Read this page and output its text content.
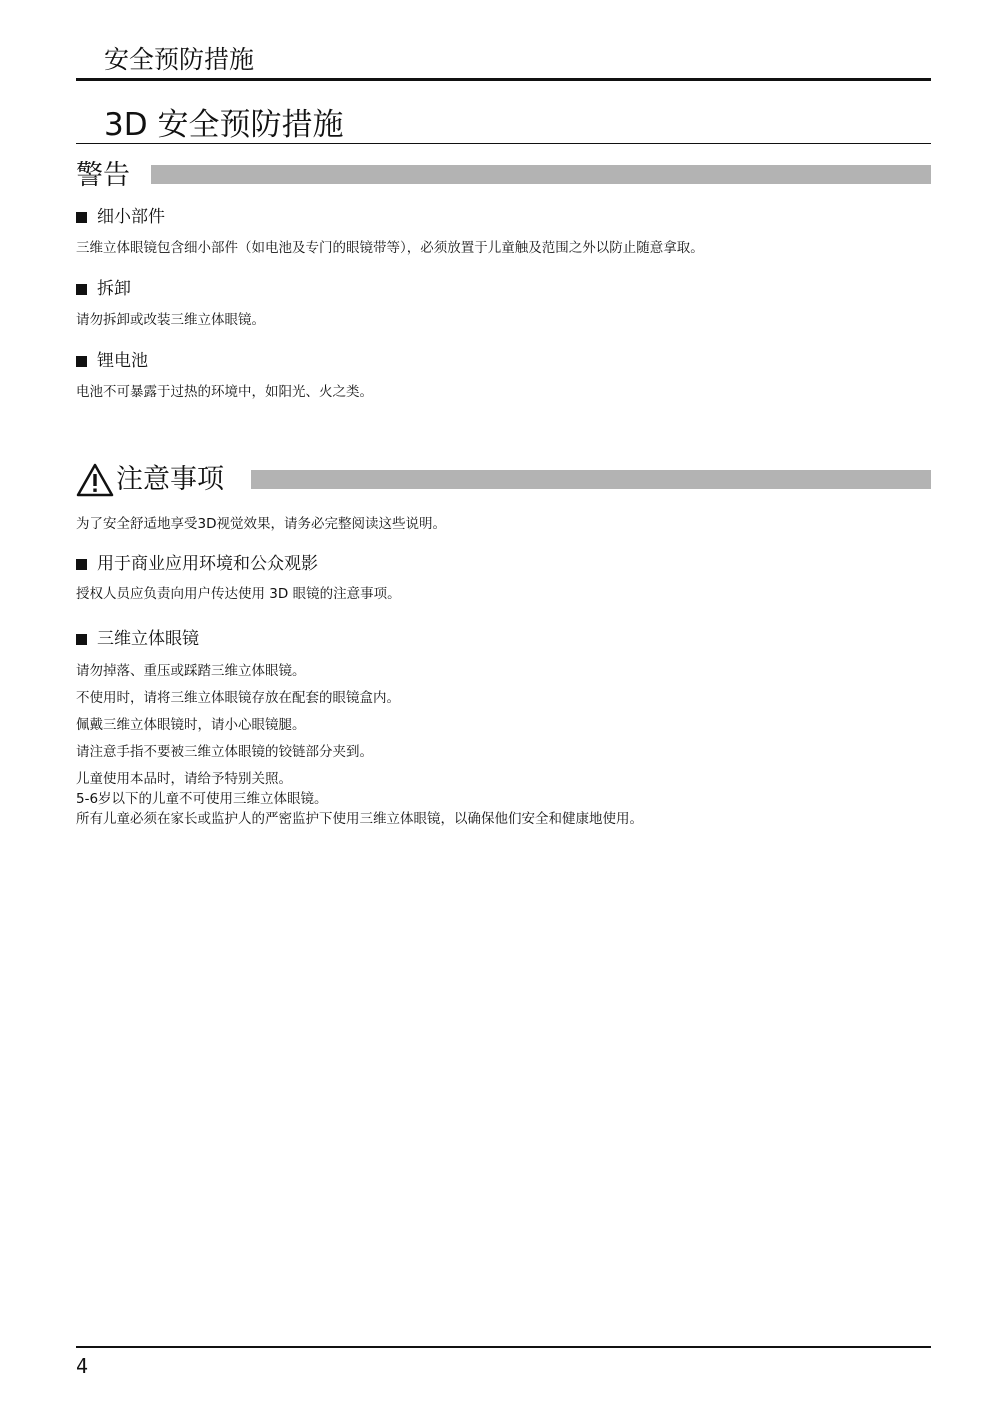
安全预防措施
3D 安全预防措施
警告
细小部件
三维立体眼镜包含细小部件（如电池及专门的眼镜带等），必须放置于儿童触及范围之外以防止随意拿取。
拆卸
请勿拆卸或改装三维立体眼镜。
锂电池
电池不可暴露于过热的环境中，如阳光、火之类。
注意事项
为了安全舒适地享受3D视觉效果，请务必完整阅读这些说明。
用于商业应用环境和公众观影
授权人员应负责向用户传达使用 3D 眼镜的注意事项。
三维立体眼镜
请勿掉落、重压或踩踏三维立体眼镜。
不使用时，请将三维立体眼镜存放在配套的眼镜盒内。
佩戴三维立体眼镜时，请小心眼镜腿。
请注意手指不要被三维立体眼镜的铰链部分夹到。
儿童使用本品时，请给予特别关照。
5-6岁以下的儿童不可使用三维立体眼镜。
所有儿童必须在家长或监护人的严密监护下使用三维立体眼镜，以确保他们安全和健康地使用。
4
